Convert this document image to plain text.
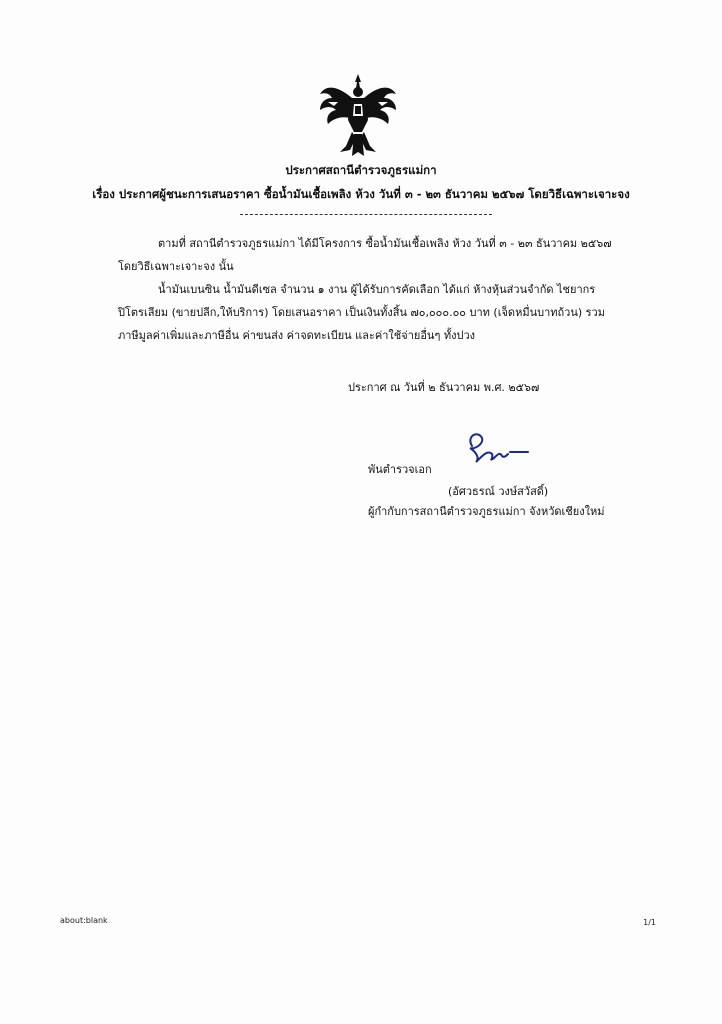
ประกาศสถานีตำรวจภูธรแม่กา
เรื่อง ประกาศผู้ชนะการเสนอราคา ซื้อน้ำมันเชื้อเพลิง ห้วง วันที่ ๓ - ๒๓ ธันวาคม ๒๕๖๗ โดยวิธีเฉพาะเจาะจง
ตามที่ สถานีตำรวจภูธรแม่กา ได้มีโครงการ ซื้อน้ำมันเชื้อเพลิง ห้วง วันที่ ๓ - ๒๓ ธันวาคม ๒๕๖๗ โดยวิธีเฉพาะเจาะจง นั้น
น้ำมันเบนซิน น้ำมันดีเซล จำนวน ๑ งาน ผู้ได้รับการคัดเลือก ได้แก่ ห้างหุ้นส่วนจำกัด ไชยากรปิโตรเลียม (ขายปลีก,ให้บริการ) โดยเสนอราคา เป็นเงินทั้งสิ้น ๗๐,๐๐๐.๐๐ บาท (เจ็ดหมื่นบาทถ้วน) รวมภาษีมูลค่าเพิ่มและภาษีอื่น ค่าขนส่ง ค่าจดทะเบียน และค่าใช้จ่ายอื่นๆ ทั้งปวง
ประกาศ ณ วันที่ ๒ ธันวาคม พ.ศ. ๒๕๖๗
พันตำรวจเอก
(อัศวธรณ์ วงษ์สวัสดิ์)
ผู้กำกับการสถานีตำรวจภูธรแม่กา จังหวัดเชียงใหม่
about:blank	1/1
